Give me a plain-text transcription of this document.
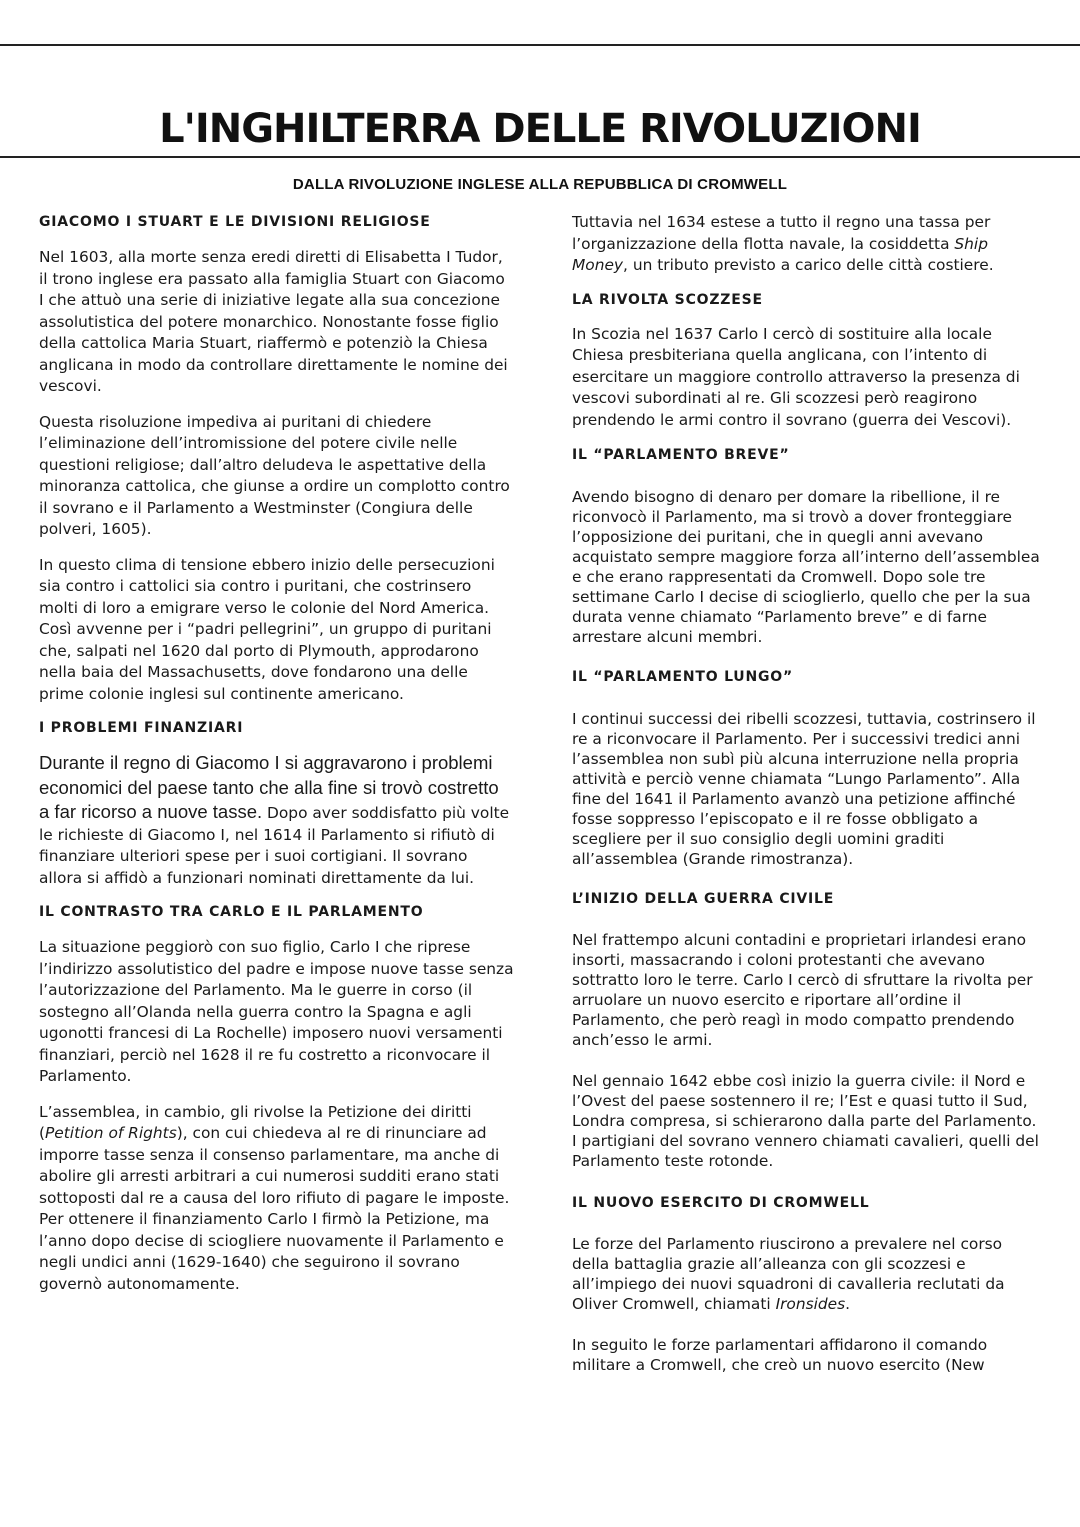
L'INGHILTERRA DELLE RIVOLUZIONI
DALLA RIVOLUZIONE INGLESE ALLA REPUBBLICA DI CROMWELL
GIACOMO I STUART E LE DIVISIONI RELIGIOSE

Nel 1603, alla morte senza eredi diretti di Elisabetta I Tudor, il trono inglese era passato alla famiglia Stuart con Giacomo I che attuò una serie di iniziative legate alla sua concezione assolutistica del potere monarchico. Nonostante fosse figlio della cattolica Maria Stuart, riaffermò e potenziò la Chiesa anglicana in modo da controllare direttamente le nomine dei vescovi.

Questa risoluzione impediva ai puritani di chiedere l’eliminazione dell’intromissione del potere civile nelle questioni religiose; dall’altro deludeva le aspettative della minoranza cattolica, che giunse a ordire un complotto contro il sovrano e il Parlamento a Westminster (Congiura delle polveri, 1605).

In questo clima di tensione ebbero inizio delle persecuzioni sia contro i cattolici sia contro i puritani, che costrinsero molti di loro a emigrare verso le colonie del Nord America. Così avvenne per i “padri pellegrini”, un gruppo di puritani che, salpati nel 1620 dal porto di Plymouth, approdarono nella baia del Massachusetts, dove fondarono una delle prime colonie inglesi sul continente americano.

I PROBLEMI FINANZIARI

Durante il regno di Giacomo I si aggravarono i problemi economici del paese tanto che alla fine si trovò costretto a far ricorso a nuove tasse. Dopo aver soddisfatto più volte le richieste di Giacomo I, nel 1614 il Parlamento si rifiutò di finanziare ulteriori spese per i suoi cortigiani. Il sovrano allora si affidò a funzionari nominati direttamente da lui.

IL CONTRASTO TRA CARLO E IL PARLAMENTO

La situazione peggiorò con suo figlio, Carlo I che riprese l’indirizzo assolutistico del padre e impose nuove tasse senza l’autorizzazione del Parlamento. Ma le guerre in corso (il sostegno all’Olanda nella guerra contro la Spagna e agli ugonotti francesi di La Rochelle) imposero nuovi versamenti finanziari, perciò nel 1628 il re fu costretto a riconvocare il Parlamento.

L’assemblea, in cambio, gli rivolse la Petizione dei diritti (Petition of Rights), con cui chiedeva al re di rinunciare ad imporre tasse senza il consenso parlamentare, ma anche di abolire gli arresti arbitrari a cui numerosi sudditi erano stati sottoposti dal re a causa del loro rifiuto di pagare le imposte. Per ottenere il finanziamento Carlo I firmò la Petizione, ma l’anno dopo decise di sciogliere nuovamente il Parlamento e negli undici anni (1629-1640) che seguirono il sovrano governò autonomamente.

Tuttavia nel 1634 estese a tutto il regno una tassa per l’organizzazione della flotta navale, la cosiddetta Ship Money, un tributo previsto a carico delle città costiere.

LA RIVOLTA SCOZZESE

In Scozia nel 1637 Carlo I cercò di sostituire alla locale Chiesa presbiteriana quella anglicana, con l’intento di esercitare un maggiore controllo attraverso la presenza di vescovi subordinati al re. Gli scozzesi però reagirono prendendo le armi contro il sovrano (guerra dei Vescovi).

IL “PARLAMENTO BREVE”

Avendo bisogno di denaro per domare la ribellione, il re riconvocò il Parlamento, ma si trovò a dover fronteggiare l’opposizione dei puritani, che in quegli anni avevano acquistato sempre maggiore forza all’interno dell’assemblea e che erano rappresentati da Cromwell. Dopo sole tre settimane Carlo I decise di scioglierlo, quello che per la sua durata venne chiamato “Parlamento breve” e di farne arrestare alcuni membri.

IL “PARLAMENTO LUNGO”

I continui successi dei ribelli scozzesi, tuttavia, costrinsero il re a riconvocare il Parlamento. Per i successivi tredici anni l’assemblea non subì più alcuna interruzione nella propria attività e perciò venne chiamata “Lungo Parlamento”. Alla fine del 1641 il Parlamento avanzò una petizione affinché fosse soppresso l’episcopato e il re fosse obbligato a scegliere per il suo consiglio degli uomini graditi all’assemblea (Grande rimostranza).

L’INIZIO DELLA GUERRA CIVILE

Nel frattempo alcuni contadini e proprietari irlandesi erano insorti, massacrando i coloni protestanti che avevano sottratto loro le terre. Carlo I cercò di sfruttare la rivolta per arruolare un nuovo esercito e riportare all’ordine il Parlamento, che però reagì in modo compatto prendendo anch’esso le armi.

Nel gennaio 1642 ebbe così inizio la guerra civile: il Nord e l’Ovest del paese sostennero il re; l’Est e quasi tutto il Sud, Londra compresa, si schierarono dalla parte del Parlamento. I partigiani del sovrano vennero chiamati cavalieri, quelli del Parlamento teste rotonde.

IL NUOVO ESERCITO DI CROMWELL

Le forze del Parlamento riuscirono a prevalere nel corso della battaglia grazie all’alleanza con gli scozzesi e all’impiego dei nuovi squadroni di cavalleria reclutati da Oliver Cromwell, chiamati Ironsides.

In seguito le forze parlamentari affidarono il comando militare a Cromwell, che creò un nuovo esercito (New
